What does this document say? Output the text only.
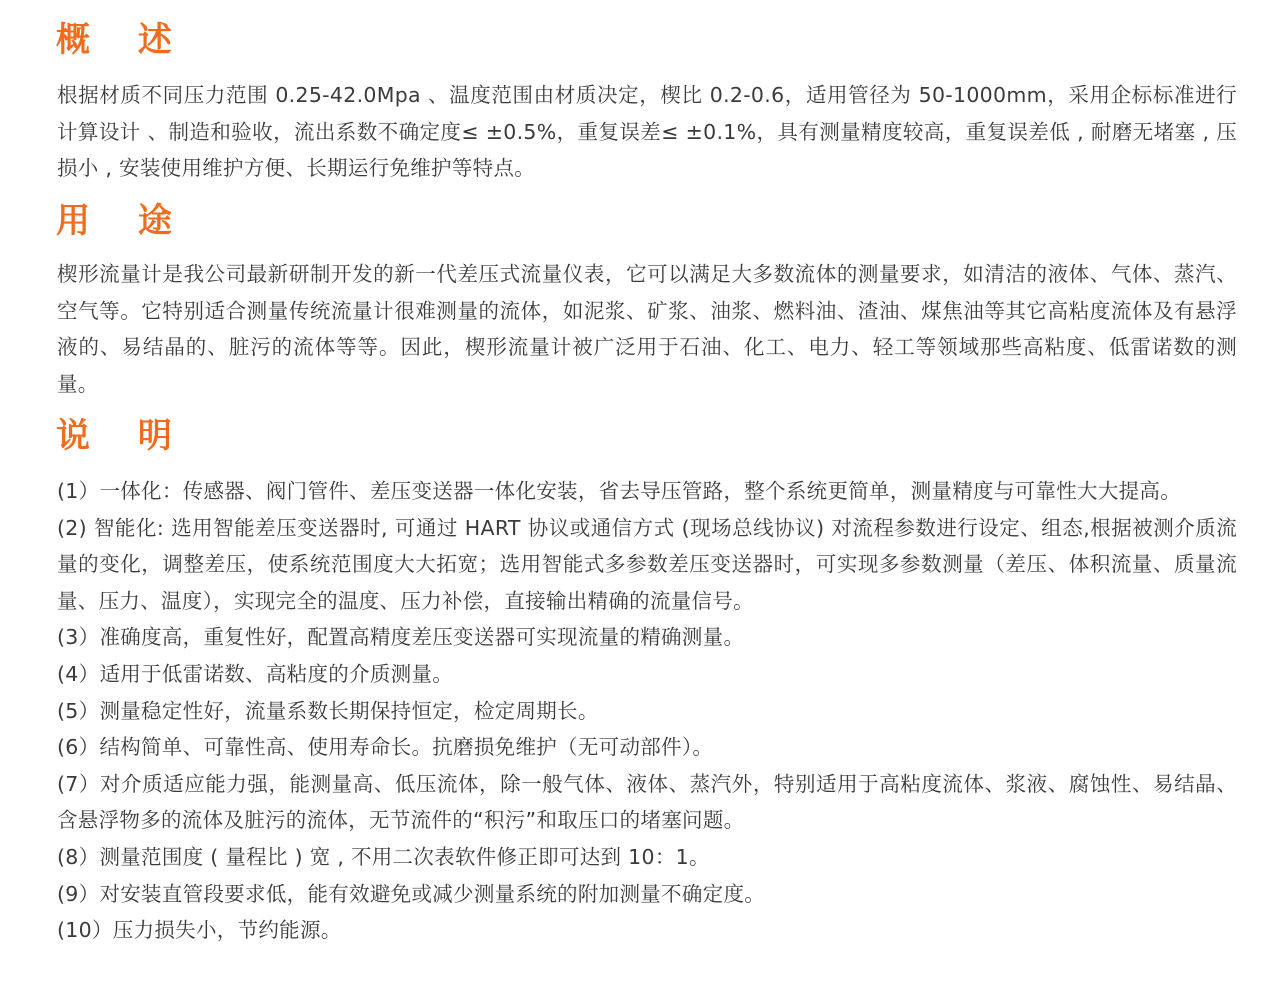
概 述

根据材质不同压力范围 0.25-42.0Mpa 、温度范围由材质决定，楔比 0.2-0.6，适用管径为 50-1000mm，采用企标标准进行计算设计 、制造和验收，流出系数不确定度≤ ±0.5%，重复误差≤ ±0.1%，具有测量精度较高，重复误差低 , 耐磨无堵塞 , 压损小 , 安装使用维护方便、长期运行免维护等特点。

用 途

楔形流量计是我公司最新研制开发的新一代差压式流量仪表，它可以满足大多数流体的测量要求，如清洁的液体、气体、蒸汽、空气等。它特别适合测量传统流量计很难测量的流体，如泥浆、矿浆、油浆、燃料油、渣油、煤焦油等其它高粘度流体及有悬浮液的、易结晶的、脏污的流体等等。因此，楔形流量计被广泛用于石油、化工、电力、轻工等领域那些高粘度、低雷诺数的测量。

说 明
(1）一体化：传感器、阀门管件、差压变送器一体化安装，省去导压管路，整个系统更简单，测量精度与可靠性大大提高。
(2) 智能化: 选用智能差压变送器时, 可通过 HART 协议或通信方式 (现场总线协议) 对流程参数进行设定、组态,根据被测介质流量的变化，调整差压，使系统范围度大大拓宽；选用智能式多参数差压变送器时，可实现多参数测量（差压、体积流量、质量流量、压力、温度），实现完全的温度、压力补偿，直接输出精确的流量信号。
(3）准确度高，重复性好，配置高精度差压变送器可实现流量的精确测量。
(4）适用于低雷诺数、高粘度的介质测量。
(5）测量稳定性好，流量系数长期保持恒定，检定周期长。
(6）结构简单、可靠性高、使用寿命长。抗磨损免维护（无可动部件）。
(7）对介质适应能力强，能测量高、低压流体，除一般气体、液体、蒸汽外，特别适用于高粘度流体、浆液、腐蚀性、易结晶、含悬浮物多的流体及脏污的流体，无节流件的“积污”和取压口的堵塞问题。
(8）测量范围度 ( 量程比 ) 宽 , 不用二次表软件修正即可达到 10：1。
(9）对安装直管段要求低，能有效避免或减少测量系统的附加测量不确定度。
(10）压力损失小，节约能源。
